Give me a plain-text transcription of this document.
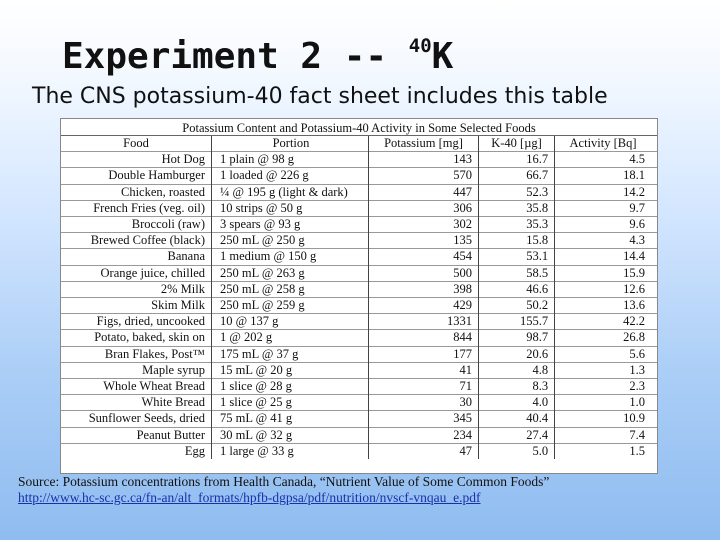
Experiment 2 -- $^{40}$K

The CNS potassium-40 fact sheet includes this table

Potassium Content and Potassium-40 Activity in Some Selected Foods
Food	Portion	Potassium [mg]	K-40 [µg]	Activity [Bq]
Hot Dog	1 plain @ 98 g	143	16.7	4.5
Double Hamburger	1 loaded @ 226 g	570	66.7	18.1
Chicken, roasted	¼ @ 195 g (light & dark)	447	52.3	14.2
French Fries (veg. oil)	10 strips @ 50 g	306	35.8	9.7
Broccoli (raw)	3 spears @ 93 g	302	35.3	9.6
Brewed Coffee (black)	250 mL @ 250 g	135	15.8	4.3
Banana	1 medium @ 150 g	454	53.1	14.4
Orange juice, chilled	250 mL @ 263 g	500	58.5	15.9
2% Milk	250 mL @ 258 g	398	46.6	12.6
Skim Milk	250 mL @ 259 g	429	50.2	13.6
Figs, dried, uncooked	10 @ 137 g	1331	155.7	42.2
Potato, baked, skin on	1 @ 202 g	844	98.7	26.8
Bran Flakes, Post™	175 mL @ 37 g	177	20.6	5.6
Maple syrup	15 mL @ 20 g	41	4.8	1.3
Whole Wheat Bread	1 slice @ 28 g	71	8.3	2.3
White Bread	1 slice @ 25 g	30	4.0	1.0
Sunflower Seeds, dried	75 mL @ 41 g	345	40.4	10.9
Peanut Butter	30 mL @ 32 g	234	27.4	7.4
Egg	1 large @ 33 g	47	5.0	1.5
Source: Potassium concentrations from Health Canada, “Nutrient Value of Some Common Foods”
http://www.hc-sc.gc.ca/fn-an/alt_formats/hpfb-dgpsa/pdf/nutrition/nvscf-vnqau_e.pdf
